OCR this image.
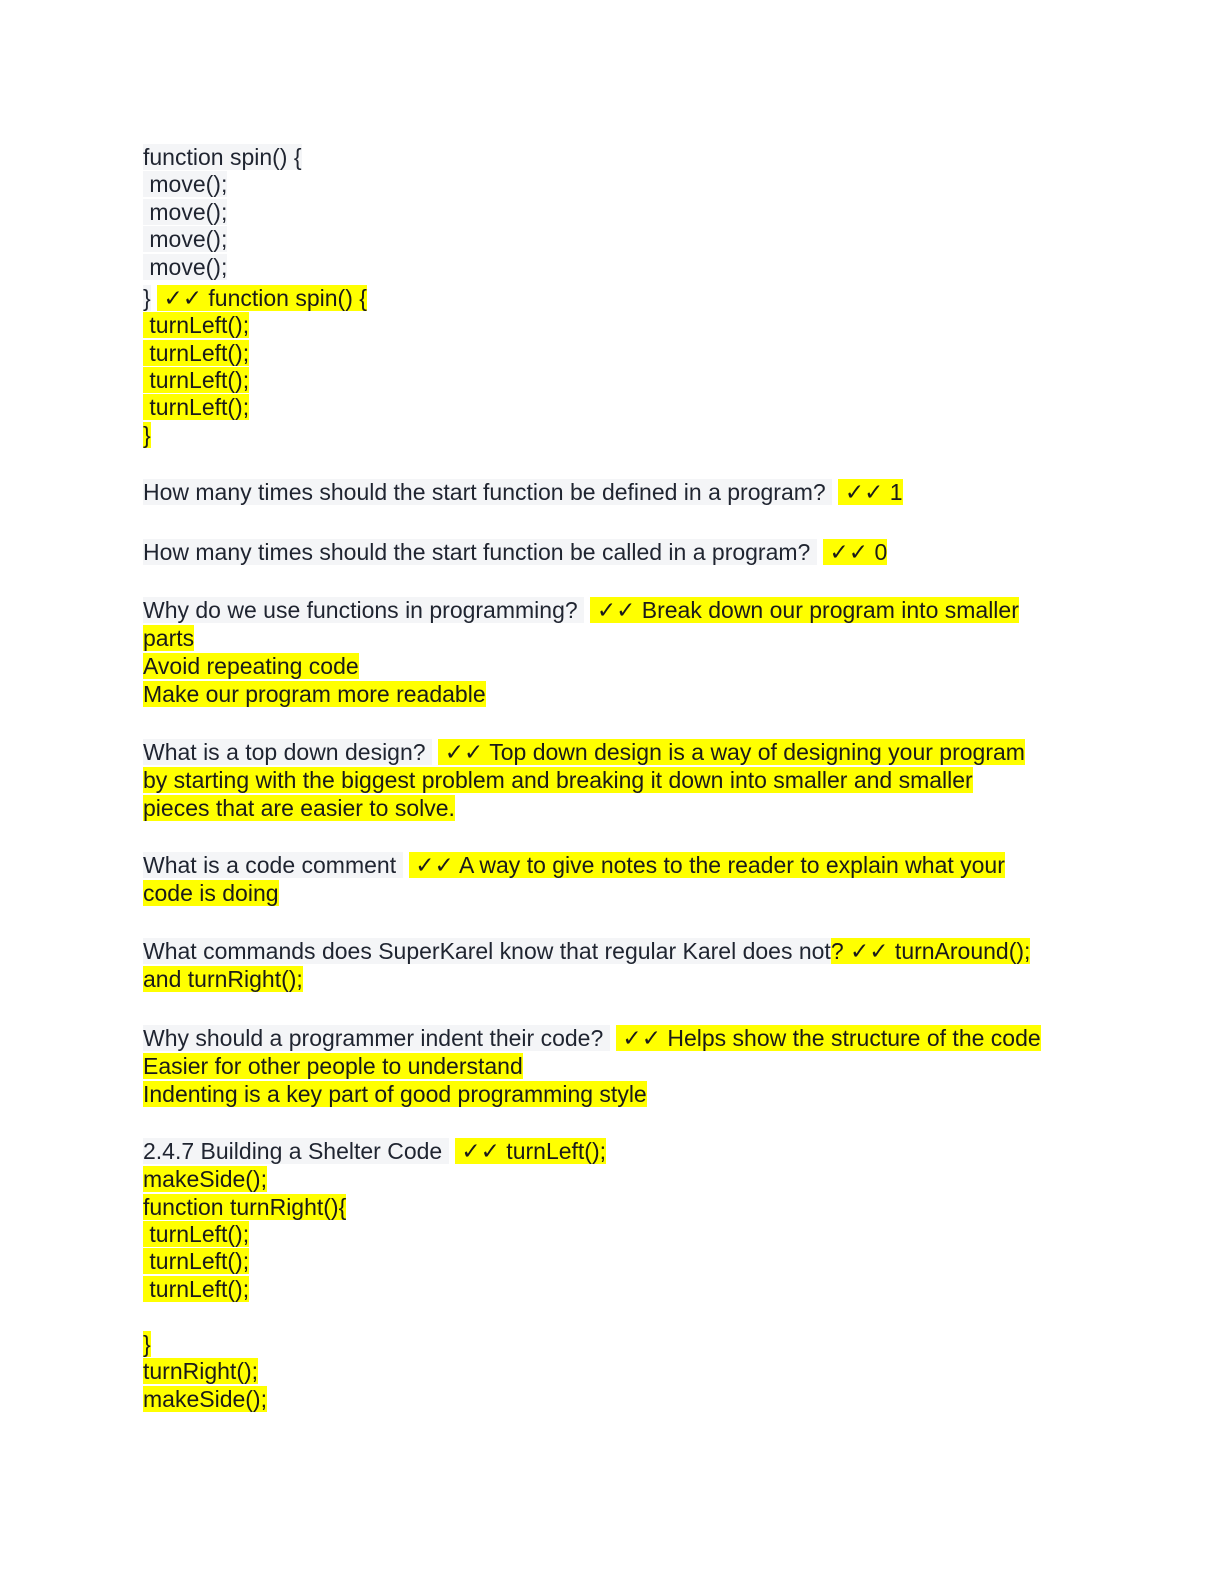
function spin() {
move();
move();
move();
move();
}  ✓✓ function spin() {
turnLeft();
turnLeft();
turnLeft();
turnLeft();
}
How many times should the start function be defined in a program?   ✓✓ 1
How many times should the start function be called in a program?   ✓✓ 0
Why do we use functions in programming?   ✓✓ Break down our program into smaller
parts
Avoid repeating code
Make our program more readable
What is a top down design?   ✓✓ Top down design is a way of designing your program
by starting with the biggest problem and breaking it down into smaller and smaller
pieces that are easier to solve.
What is a code comment   ✓✓ A way to give notes to the reader to explain what your
code is doing
What commands does SuperKarel know that regular Karel does not? ✓✓ turnAround();
and turnRight();
Why should a programmer indent their code?   ✓✓ Helps show the structure of the code
Easier for other people to understand
Indenting is a key part of good programming style
2.4.7 Building a Shelter Code   ✓✓ turnLeft();
makeSide();
function turnRight(){
turnLeft();
turnLeft();
turnLeft();
}
turnRight();
makeSide();
